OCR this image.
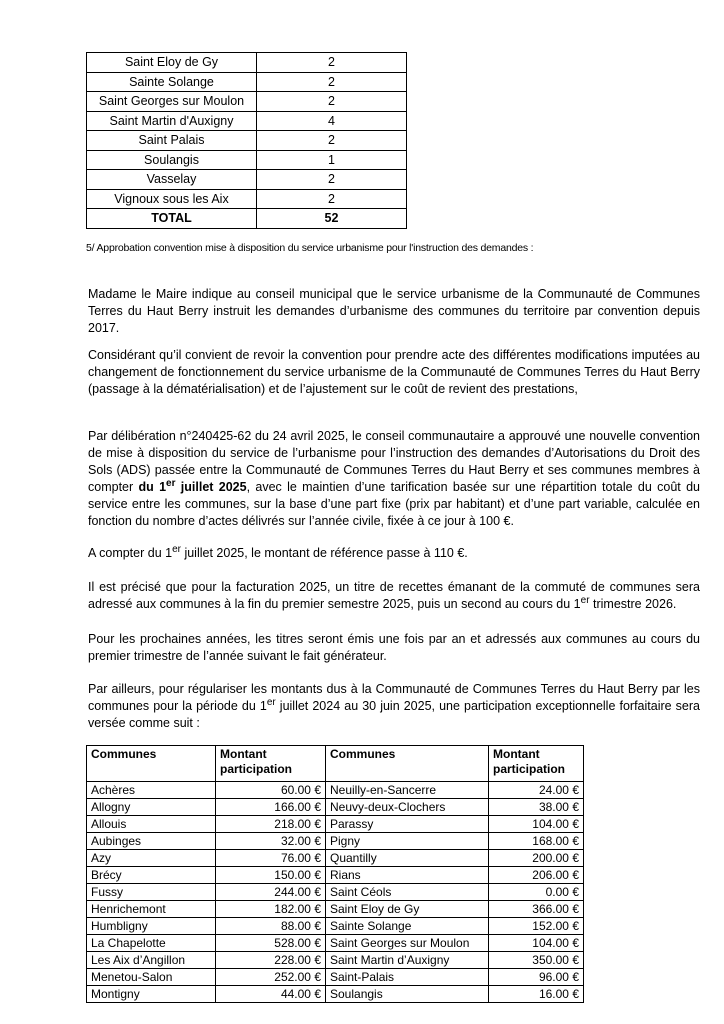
Saint Eloy de Gy	2
Sainte Solange	2
Saint Georges sur Moulon	2
Saint Martin d'Auxigny	4
Saint Palais	2
Soulangis	1
Vasselay	2
Vignoux sous les Aix	2
TOTAL	52
5/ Approbation convention mise à disposition du service urbanisme pour l'instruction des demandes :
Madame le Maire indique au conseil municipal que le service urbanisme de la Communauté de Communes Terres du Haut Berry instruit les demandes d’urbanisme des communes du territoire par convention depuis 2017.
Considérant qu’il convient de revoir la convention pour prendre acte des différentes modifications imputées au changement de fonctionnement du service urbanisme de la Communauté de Communes Terres du Haut Berry (passage à la dématérialisation) et de l’ajustement sur le coût de revient des prestations,
Par délibération n°240425-62 du 24 avril 2025, le conseil communautaire a approuvé une nouvelle convention de mise à disposition du service de l’urbanisme pour l’instruction des demandes d’Autorisations du Droit des Sols (ADS) passée entre la Communauté de Communes Terres du Haut Berry et ses communes membres à compter du 1er juillet 2025, avec le maintien d’une tarification basée sur une répartition totale du coût du service entre les communes, sur la base d’une part fixe (prix par habitant) et d’une part variable, calculée en fonction du nombre d’actes délivrés sur l’année civile, fixée à ce jour à 100 €.
A compter du 1er juillet 2025, le montant de référence passe à 110 €.
Il est précisé que pour la facturation 2025, un titre de recettes émanant de la commuté de communes sera adressé aux communes à la fin du premier semestre 2025, puis un second au cours du 1er trimestre 2026.
Pour les prochaines années, les titres seront émis une fois par an et adressés aux communes au cours du premier trimestre de l’année suivant le fait générateur.
Par ailleurs, pour régulariser les montants dus à la Communauté de Communes Terres du Haut Berry par les communes pour la période du 1er juillet 2024 au 30 juin 2025, une participation exceptionnelle forfaitaire sera versée comme suit :
Communes	Montant participation	Communes	Montant participation
Achères	60.00 €	Neuilly-en-Sancerre	24.00 €
Allogny	166.00 €	Neuvy-deux-Clochers	38.00 €
Allouis	218.00 €	Parassy	104.00 €
Aubinges	32.00 €	Pigny	168.00 €
Azy	76.00 €	Quantilly	200.00 €
Brécy	150.00 €	Rians	206.00 €
Fussy	244.00 €	Saint Céols	0.00 €
Henrichemont	182.00 €	Saint Eloy de Gy	366.00 €
Humbligny	88.00 €	Sainte Solange	152.00 €
La Chapelotte	528.00 €	Saint Georges sur Moulon	104.00 €
Les Aix d’Angillon	228.00 €	Saint Martin d’Auxigny	350.00 €
Menetou-Salon	252.00 €	Saint-Palais	96.00 €
Montigny	44.00 €	Soulangis	16.00 €
